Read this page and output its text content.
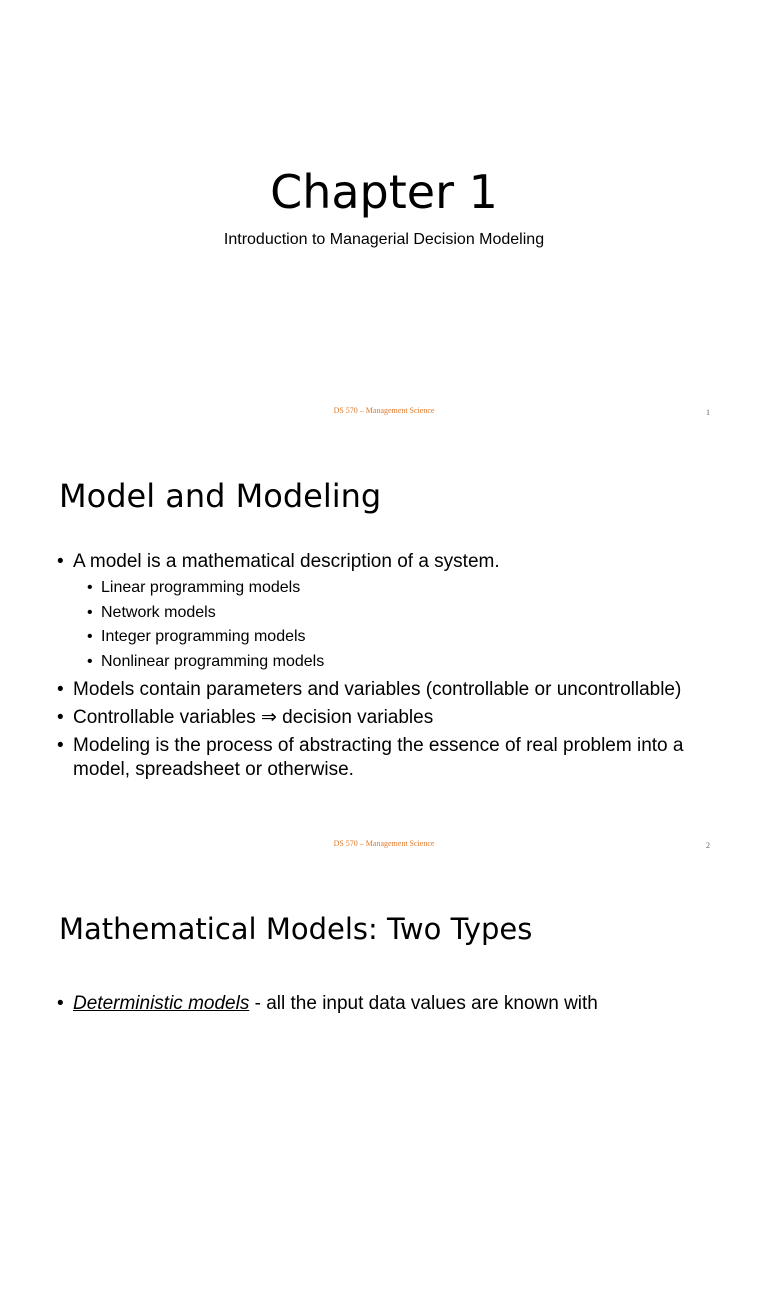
Chapter 1
Introduction to Managerial Decision Modeling
DS 570 – Management Science	1
Model and Modeling
• A model is a mathematical description of a system.
• Linear programming models
• Network models
• Integer programming models
• Nonlinear programming models
• Models contain parameters and variables (controllable or uncontrollable)
• Controllable variables ⇒ decision variables
• Modeling is the process of abstracting the essence of real problem into a model, spreadsheet or otherwise.
DS 570 – Management Science	2
Mathematical Models: Two Types
• Deterministic models - all the input data values are known with
